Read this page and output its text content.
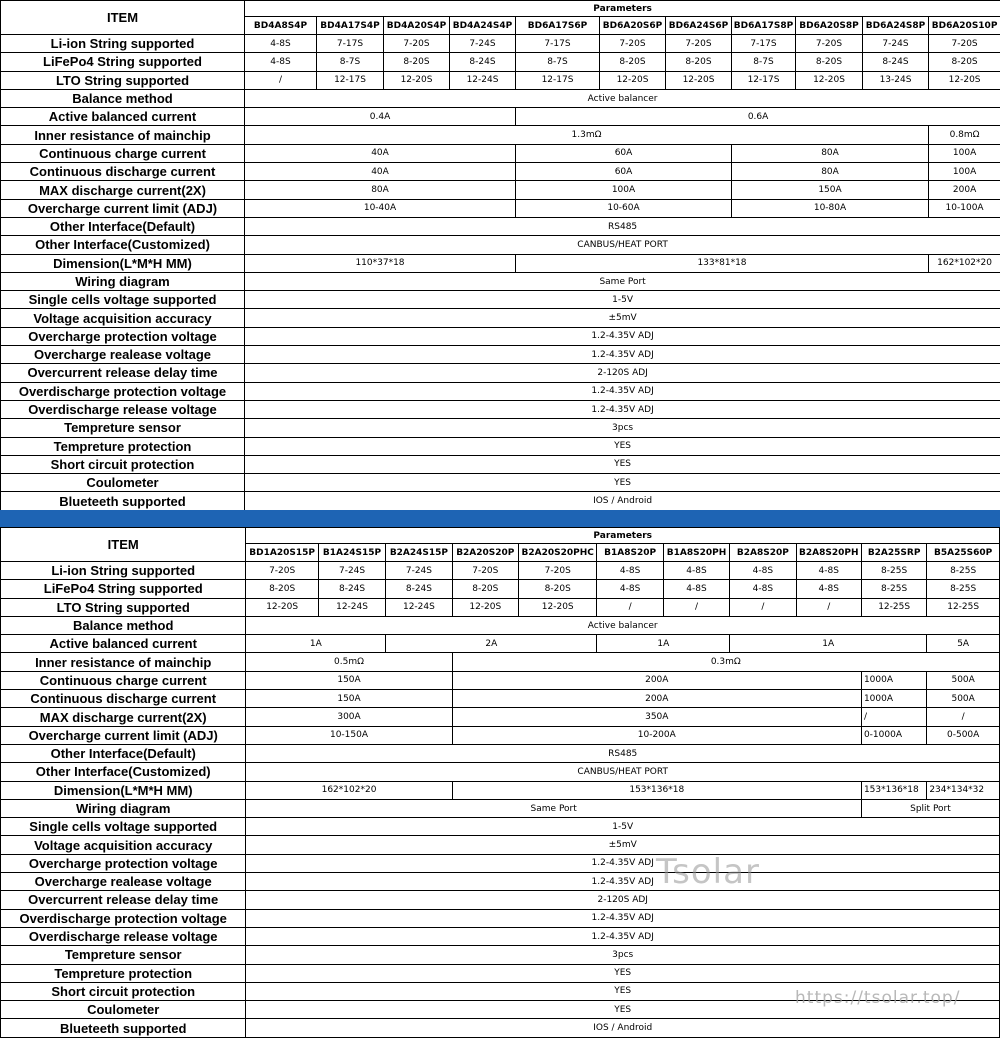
ITEM	Parameters										
	BD4A8S4P	BD4A17S4P	BD4A20S4P	BD4A24S4P	BD6A17S6P	BD6A20S6P	BD6A24S6P	BD6A17S8P	BD6A20S8P	BD6A24S8P	BD6A20S10P
Li-ion String supported	4-8S	7-17S	7-20S	7-24S	7-17S	7-20S	7-20S	7-17S	7-20S	7-24S	7-20S
LiFePo4 String supported	4-8S	8-7S	8-20S	8-24S	8-7S	8-20S	8-20S	8-7S	8-20S	8-24S	8-20S
LTO String supported	/	12-17S	12-20S	12-24S	12-17S	12-20S	12-20S	12-17S	12-20S	13-24S	12-20S
Balance method	Active balancer										
Active balanced current	0.4A				0.6A						
Inner resistance of mainchip	1.3mΩ										0.8mΩ
Continuous charge current	40A				60A			80A			100A
Continuous discharge current	40A				60A			80A			100A
MAX discharge current(2X)	80A				100A			150A			200A
Overcharge current limit (ADJ)	10-40A				10-60A			10-80A			10-100A
Other Interface(Default)	RS485										
Other Interface(Customized)	CANBUS/HEAT PORT										
Dimension(L*M*H MM)	110*37*18				133*81*18						162*102*20
Wiring diagram	Same Port										
Single cells voltage supported	1-5V										
Voltage acquisition accuracy	±5mV										
Overcharge protection voltage	1.2-4.35V ADJ										
Overcharge realease voltage	1.2-4.35V ADJ										
Overcurrent release delay time	2-120S ADJ										
Overdischarge protection voltage	1.2-4.35V ADJ										
Overdischarge release voltage	1.2-4.35V ADJ										
Tempreture sensor	3pcs										
Tempreture protection	YES										
Short circuit protection	YES										
Coulometer	YES										
Blueteeth supported	IOS / Android										
ITEM	Parameters										
	BD1A20S15P	B1A24S15P	B2A24S15P	B2A20S20P	B2A20S20PHC	B1A8S20P	B1A8S20PH	B2A8S20P	B2A8S20PH	B2A25SRP	B5A25S60P
Li-ion String supported	7-20S	7-24S	7-24S	7-20S	7-20S	4-8S	4-8S	4-8S	4-8S	8-25S	8-25S
LiFePo4 String supported	8-20S	8-24S	8-24S	8-20S	8-20S	4-8S	4-8S	4-8S	4-8S	8-25S	8-25S
LTO String supported	12-20S	12-24S	12-24S	12-20S	12-20S	/	/	/	/	12-25S	12-25S
Balance method	Active balancer										
Active balanced current	1A		2A			1A		1A			5A
Inner resistance of mainchip	0.5mΩ			0.3mΩ							
Continuous charge current	150A			200A						1000A	500A
Continuous discharge current	150A			200A						1000A	500A
MAX discharge current(2X)	300A			350A						/	/
Overcharge current limit (ADJ)	10-150A			10-200A						0-1000A	0-500A
Other Interface(Default)	RS485										
Other Interface(Customized)	CANBUS/HEAT PORT										
Dimension(L*M*H MM)	162*102*20			153*136*18						153*136*18	234*134*32
Wiring diagram	Same Port									Split Port	
Single cells voltage supported	1-5V										
Voltage acquisition accuracy	±5mV										
Overcharge protection voltage	1.2-4.35V ADJ										
Overcharge realease voltage	1.2-4.35V ADJ										
Overcurrent release delay time	2-120S ADJ										
Overdischarge protection voltage	1.2-4.35V ADJ										
Overdischarge release voltage	1.2-4.35V ADJ										
Tempreture sensor	3pcs										
Tempreture protection	YES										
Short circuit protection	YES										
Coulometer	YES										
Blueteeth supported	IOS / Android										
Tsolar
https://tsolar.top/
